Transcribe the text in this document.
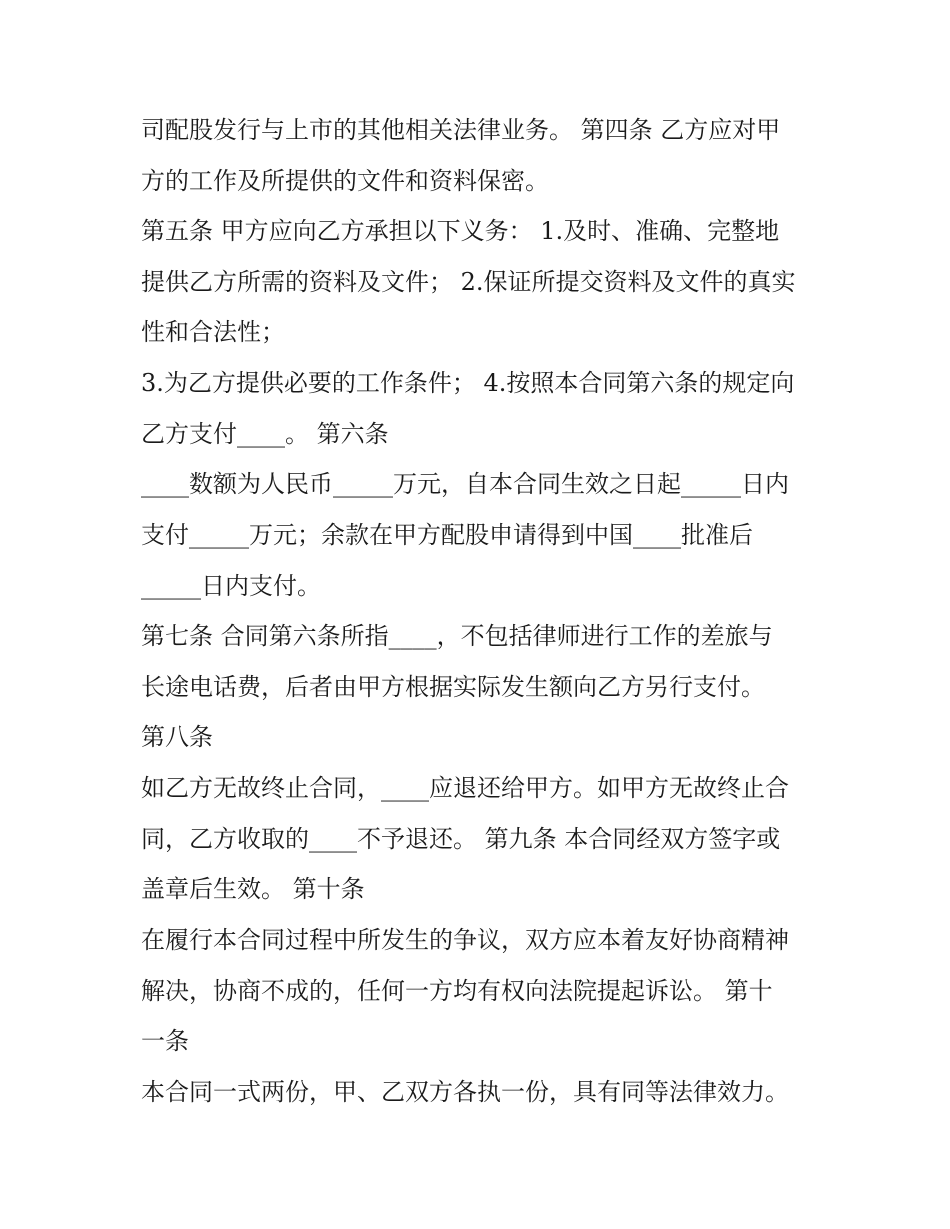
司配股发行与上市的其他相关法律业务。 第四条 乙方应对甲
方的工作及所提供的文件和资料保密。
第五条 甲方应向乙方承担以下义务： 1.及时、准确、完整地
提供乙方所需的资料及文件； 2.保证所提交资料及文件的真实
性和合法性；
3.为乙方提供必要的工作条件； 4.按照本合同第六条的规定向
乙方支付____。 第六条
____数额为人民币_____万元，自本合同生效之日起_____日内
支付_____万元；余款在甲方配股申请得到中国____批准后
_____日内支付。
第七条 合同第六条所指____，不包括律师进行工作的差旅与
长途电话费，后者由甲方根据实际发生额向乙方另行支付。
第八条
如乙方无故终止合同，____应退还给甲方。如甲方无故终止合
同，乙方收取的____不予退还。 第九条 本合同经双方签字或
盖章后生效。 第十条
在履行本合同过程中所发生的争议，双方应本着友好协商精神
解决，协商不成的，任何一方均有权向法院提起诉讼。 第十
一条
本合同一式两份，甲、乙双方各执一份，具有同等法律效力。
